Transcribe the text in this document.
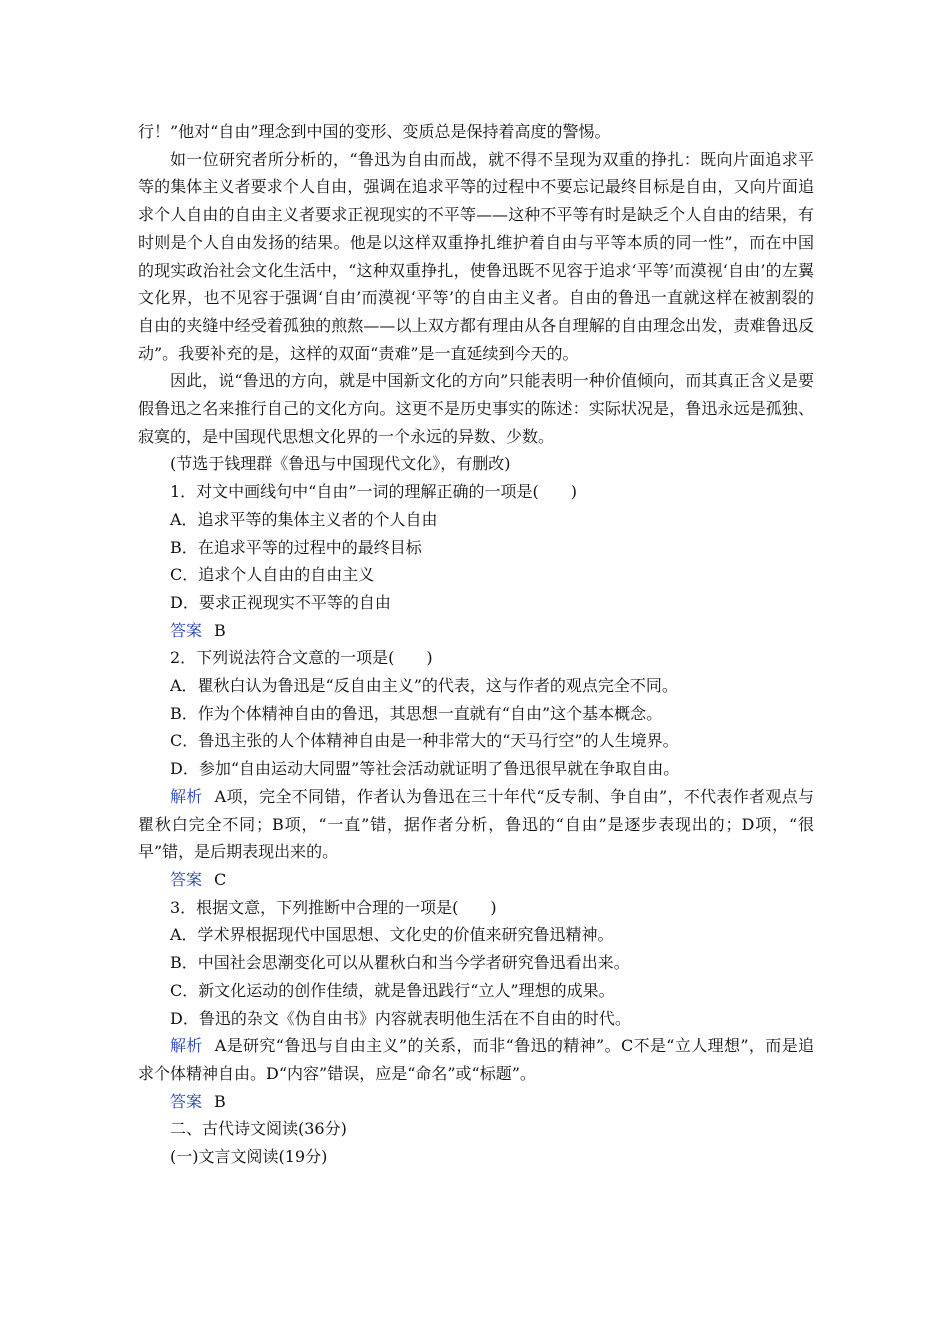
行！”他对“自由”理念到中国的变形、变质总是保持着高度的警惕。

如一位研究者所分析的，“鲁迅为自由而战，就不得不呈现为双重的挣扎：既向片面追求平等的集体主义者要求个人自由，强调在追求平等的过程中不要忘记最终目标是自由，又向片面追求个人自由的自由主义者要求正视现实的不平等——这种不平等有时是缺乏个人自由的结果，有时则是个人自由发扬的结果。他是以这样双重挣扎维护着自由与平等本质的同一性”，而在中国的现实政治社会文化生活中，“这种双重挣扎，使鲁迅既不见容于追求‘平等’而漠视‘自由’的左翼文化界，也不见容于强调‘自由’而漠视‘平等’的自由主义者。自由的鲁迅一直就这样在被割裂的自由的夹缝中经受着孤独的煎熬——以上双方都有理由从各自理解的自由理念出发，责难鲁迅反动”。我要补充的是，这样的双面“责难”是一直延续到今天的。

因此，说“鲁迅的方向，就是中国新文化的方向”只能表明一种价值倾向，而其真正含义是要假鲁迅之名来推行自己的文化方向。这更不是历史事实的陈述：实际状况是，鲁迅永远是孤独、寂寞的，是中国现代思想文化界的一个永远的异数、少数。

(节选于钱理群《鲁迅与中国现代文化》，有删改)

1．对文中画线句中“自由”一词的理解正确的一项是(　　)

A．追求平等的集体主义者的个人自由

B．在追求平等的过程中的最终目标

C．追求个人自由的自由主义

D．要求正视现实不平等的自由

答案 B

2．下列说法符合文意的一项是(　　)

A．瞿秋白认为鲁迅是“反自由主义”的代表，这与作者的观点完全不同。

B．作为个体精神自由的鲁迅，其思想一直就有“自由”这个基本概念。

C．鲁迅主张的人个体精神自由是一种非常大的“天马行空”的人生境界。

D．参加“自由运动大同盟”等社会活动就证明了鲁迅很早就在争取自由。

解析 A项，完全不同错，作者认为鲁迅在三十年代“反专制、争自由”，不代表作者观点与瞿秋白完全不同；B项，“一直”错，据作者分析，鲁迅的“自由”是逐步表现出的；D项，“很早”错，是后期表现出来的。

答案 C

3．根据文意，下列推断中合理的一项是(　　)

A．学术界根据现代中国思想、文化史的价值来研究鲁迅精神。

B．中国社会思潮变化可以从瞿秋白和当今学者研究鲁迅看出来。

C．新文化运动的创作佳绩，就是鲁迅践行“立人”理想的成果。

D．鲁迅的杂文《伪自由书》内容就表明他生活在不自由的时代。

解析 A是研究“鲁迅与自由主义”的关系，而非“鲁迅的精神”。C不是“立人理想”，而是追求个体精神自由。D“内容”错误，应是“命名”或“标题”。

答案 B

二、古代诗文阅读(36分)

(一)文言文阅读(19分)
